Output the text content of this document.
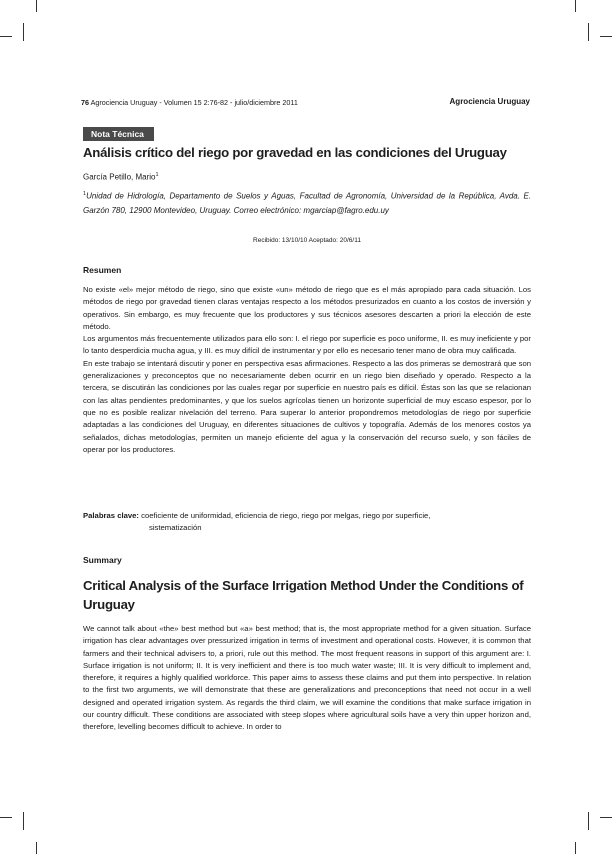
76 Agrociencia Uruguay - Volumen 15 2:76-82 - julio/diciembre 2011	Agrociencia Uruguay
Nota Técnica
Análisis crítico del riego por gravedad en las condiciones del Uruguay
García Petillo, Mario$^1$
$^1$Unidad de Hidrología, Departamento de Suelos y Aguas, Facultad de Agronomía, Universidad de la República, Avda. E. Garzón 780, 12900 Montevideo, Uruguay. Correo electrónico: mgarciap@fagro.edu.uy
Recibido: 13/10/10 Aceptado: 20/6/11
Resumen

No existe «el» mejor método de riego, sino que existe «un» método de riego que es el más apropiado para cada situación. Los métodos de riego por gravedad tienen claras ventajas respecto a los métodos presurizados en cuanto a los costos de inversión y operativos. Sin embargo, es muy frecuente que los productores y sus técnicos asesores descarten a priori la elección de este método.

Los argumentos más frecuentemente utilizados para ello son: I. el riego por superficie es poco uniforme, II. es muy ineficiente y por lo tanto desperdicia mucha agua, y III. es muy difícil de instrumentar y por ello es necesario tener mano de obra muy calificada.

En este trabajo se intentará discutir y poner en perspectiva esas afirmaciones. Respecto a las dos primeras se demostrará que son generalizaciones y preconceptos que no necesariamente deben ocurrir en un riego bien diseñado y operado. Respecto a la tercera, se discutirán las condiciones por las cuales regar por superficie en nuestro país es difícil. Éstas son las que se relacionan con las altas pendientes predominantes, y que los suelos agrícolas tienen un horizonte superficial de muy escaso espesor, por lo que no es posible realizar nivelación del terreno. Para superar lo anterior propondremos metodologías de riego por superficie adaptadas a las condiciones del Uruguay, en diferentes situaciones de cultivos y topografía. Además de los menores costos ya señalados, dichas metodologías, permiten un manejo eficiente del agua y la conservación del recurso suelo, y son fáciles de operar por los productores.

Palabras clave: coeficiente de uniformidad, eficiencia de riego, riego por melgas, riego por superficie,
sistematización
Summary
Critical Analysis of the Surface Irrigation Method Under the Conditions of Uruguay

We cannot talk about «the» best method but «a» best method; that is, the most appropriate method for a given situation. Surface irrigation has clear advantages over pressurized irrigation in terms of investment and operational costs. However, it is common that farmers and their technical advisers to, a priori, rule out this method. The most frequent reasons in support of this argument are: I. Surface irrigation is not uniform; II. It is very inefficient and there is too much water waste; III. It is very difficult to implement and, therefore, it requires a highly qualified workforce. This paper aims to assess these claims and put them into perspective. In relation to the first two arguments, we will demonstrate that these are generalizations and preconceptions that need not occur in a well designed and operated irrigation system. As regards the third claim, we will examine the conditions that make surface irrigation in our country difficult. These conditions are associated with steep slopes where agricultural soils have a very thin upper horizon and, therefore, levelling becomes difficult to achieve. In order to
